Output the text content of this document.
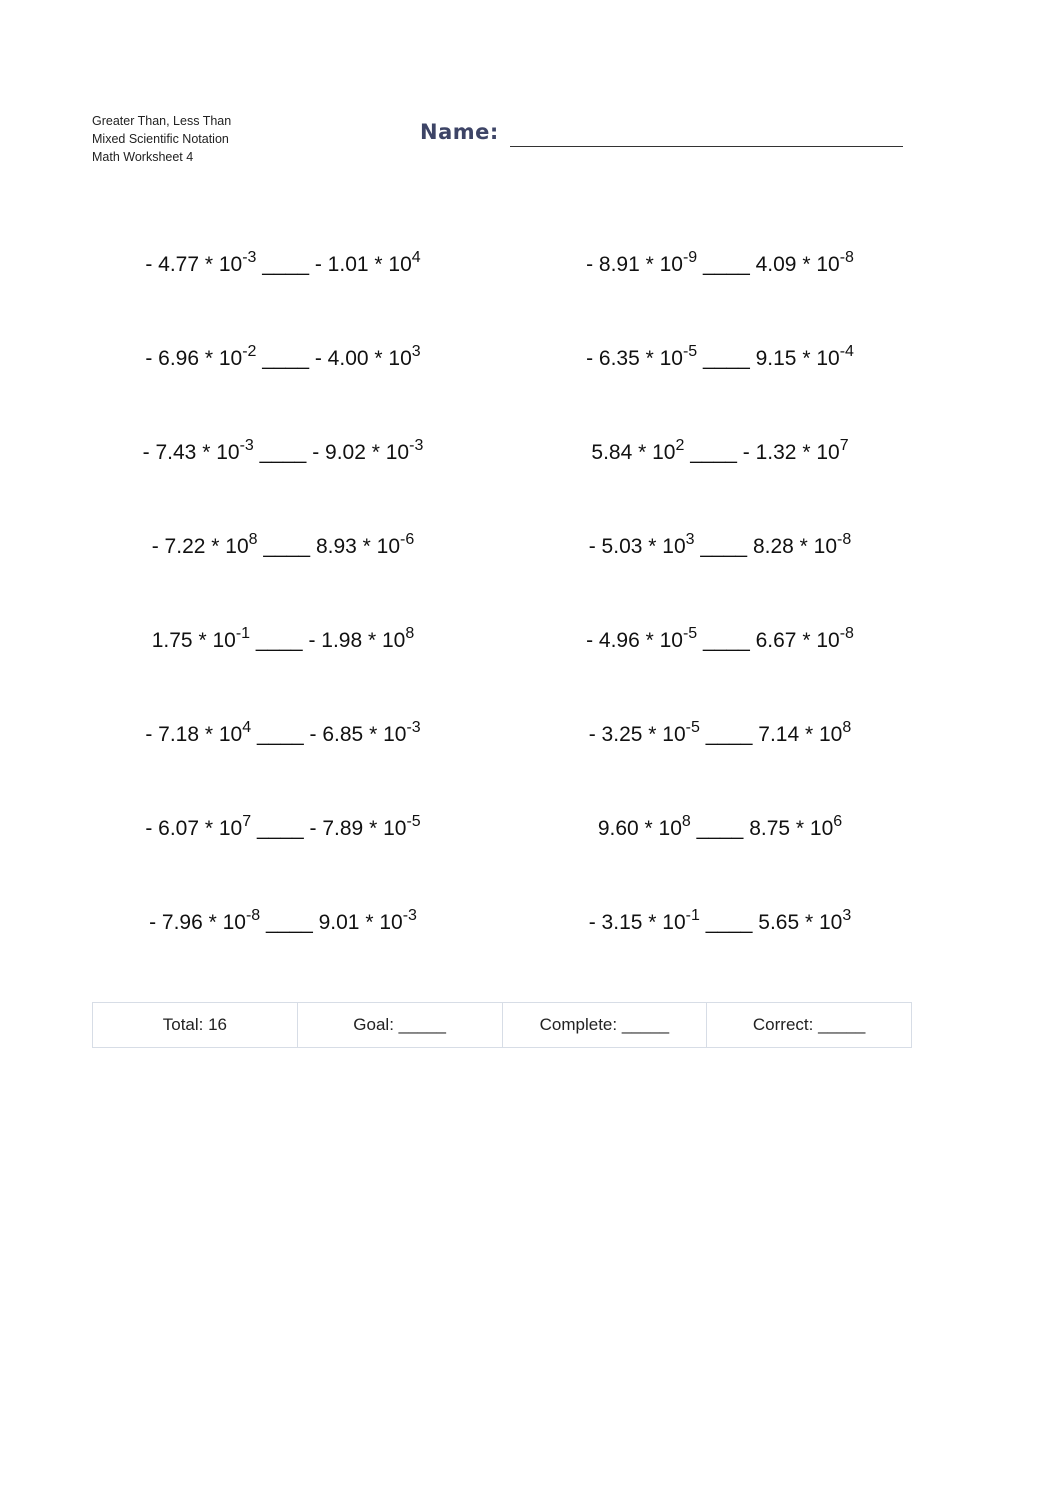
Greater Than, Less Than
Mixed Scientific Notation
Math Worksheet 4
Name:
- $4.77 * 10^{-3}$ ____ - $1.01 * 10^4$	- $8.91 * 10^{-9}$ ____ $4.09 * 10^{-8}$
- $6.96 * 10^{-2}$ ____ - $4.00 * 10^3$	- $6.35 * 10^{-5}$ ____ $9.15 * 10^{-4}$
- $7.43 * 10^{-3}$ ____ - $9.02 * 10^{-3}$	$5.84 * 10^2$ ____ - $1.32 * 10^7$
- $7.22 * 10^8$ ____ $8.93 * 10^{-6}$	- $5.03 * 10^3$ ____ $8.28 * 10^{-8}$
$1.75 * 10^{-1}$ ____ - $1.98 * 10^8$	- $4.96 * 10^{-5}$ ____ $6.67 * 10^{-8}$
- $7.18 * 10^4$ ____ - $6.85 * 10^{-3}$	- $3.25 * 10^{-5}$ ____ $7.14 * 10^8$
- $6.07 * 10^7$ ____ - $7.89 * 10^{-5}$	$9.60 * 10^8$ ____ $8.75 * 10^6$
- $7.96 * 10^{-8}$ ____ $9.01 * 10^{-3}$	- $3.15 * 10^{-1}$ ____ $5.65 * 10^3$
Total: 16	Goal: _____	Complete: _____	Correct: _____
